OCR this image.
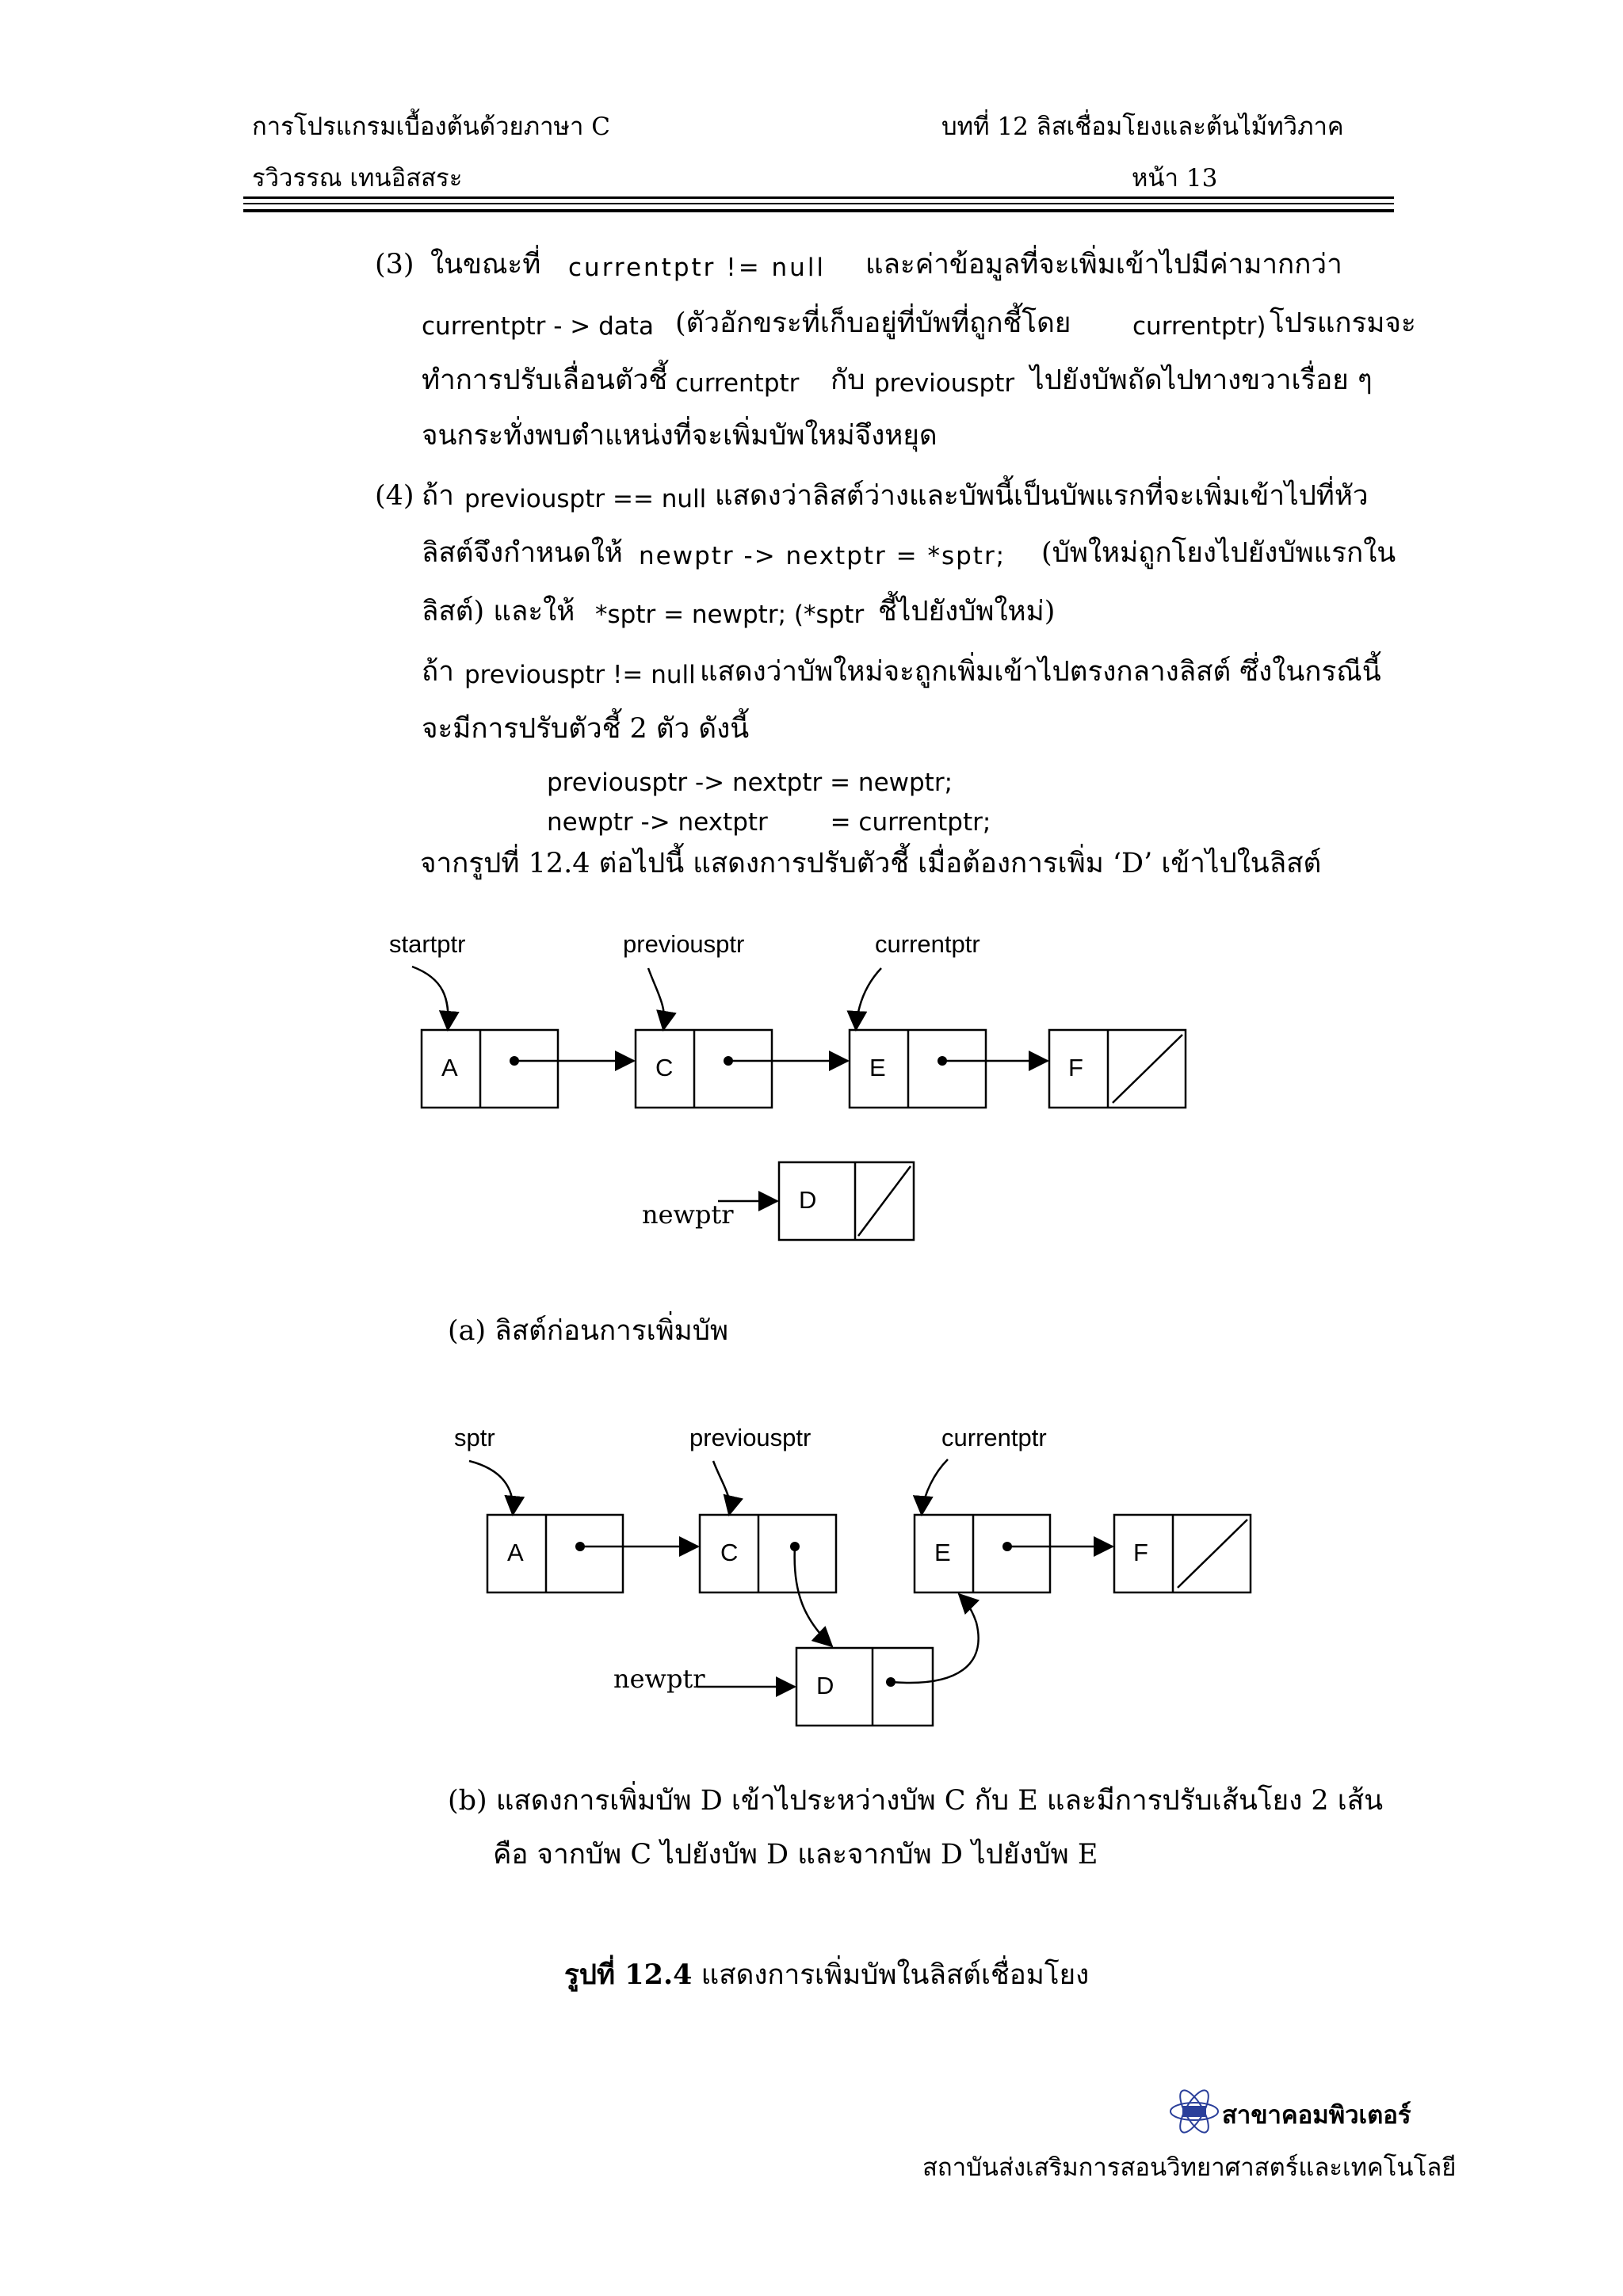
การโปรแกรมเบื้องต้นด้วยภาษา C	บทที่ 12 ลิสเชื่อมโยงและต้นไม้ทวิภาค
รวิวรรณ เทนอิสสระ	หน้า 13
(3) ในขณะที่ currentptr != null และค่าข้อมูลที่จะเพิ่มเข้าไปมีค่ามากกว่า
currentptr - > data (ตัวอักขระที่เก็บอยู่ที่บัพที่ถูกชี้โดย	currentptr) โปรแกรมจะ
ทำการปรับเลื่อนตัวชี้ currentptr กับ previousptr ไปยังบัพถัดไปทางขวาเรื่อย ๆ
จนกระทั่งพบตำแหน่งที่จะเพิ่มบัพใหม่จึงหยุด
(4) ถ้า previousptr == null แสดงว่าลิสต์ว่างและบัพนี้เป็นบัพแรกที่จะเพิ่มเข้าไปที่หัว
ลิสต์จึงกำหนดให้ newptr -> nextptr = *sptr; (บัพใหม่ถูกโยงไปยังบัพแรกใน
ลิสต์) และให้ *sptr = newptr; (*sptr ชี้ไปยังบัพใหม่)
ถ้า previousptr != null แสดงว่าบัพใหม่จะถูกเพิ่มเข้าไปตรงกลางลิสต์ ซึ่งในกรณีนี้
จะมีการปรับตัวชี้ 2 ตัว ดังนี้
previousptr -> nextptr = newptr;
newptr -> nextptr        = currentptr;
จากรูปที่ 12.4 ต่อไปนี้ แสดงการปรับตัวชี้ เมื่อต้องการเพิ่ม ‘D’ เข้าไปในลิสต์
startptr	previousptr	currentptr
A	C	E	F
D
newptr
(a) ลิสต์ก่อนการเพิ่มบัพ
sptr	previousptr	currentptr
A	C	E	F
D
newptr
(b) แสดงการเพิ่มบัพ D เข้าไประหว่างบัพ C กับ E และมีการปรับเส้นโยง 2 เส้น
คือ จากบัพ C ไปยังบัพ D และจากบัพ D ไปยังบัพ E
รูปที่ 12.4 แสดงการเพิ่มบัพในลิสต์เชื่อมโยง
สาขาคอมพิวเตอร์
สถาบันส่งเสริมการสอนวิทยาศาสตร์และเทคโนโลยี
